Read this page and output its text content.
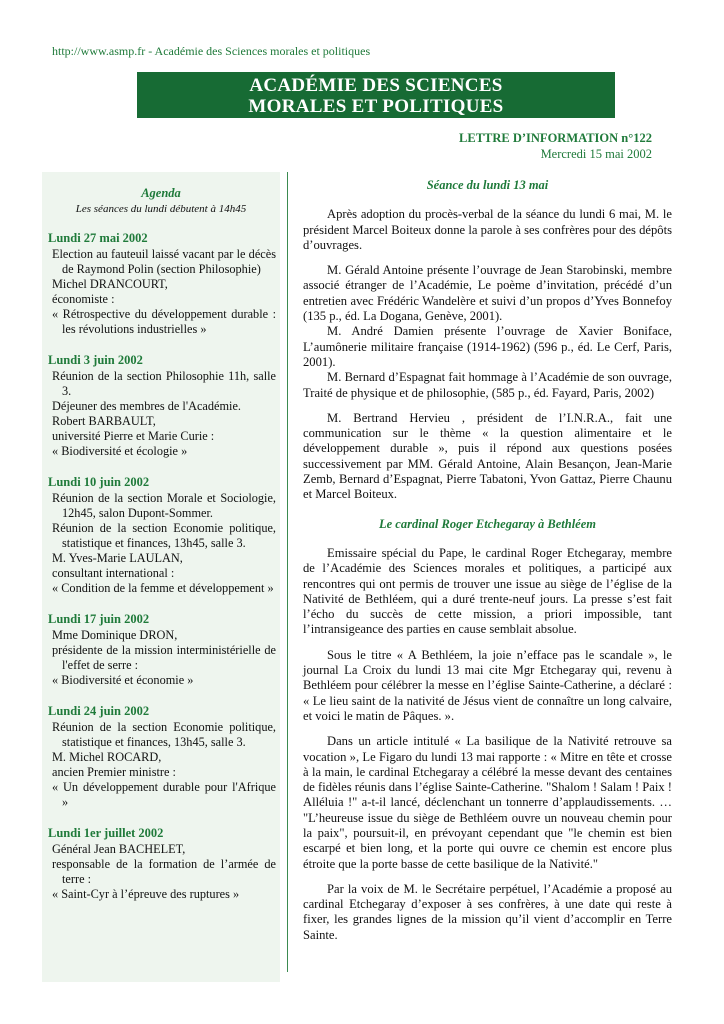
http://www.asmp.fr - Académie des Sciences morales et politiques
ACADÉMIE DES SCIENCES
MORALES ET POLITIQUES
LETTRE D’INFORMATION n°122
Mercredi 15 mai 2002
Agenda
Les séances du lundi débutent à 14h45
Lundi 27 mai 2002
Election au fauteuil laissé vacant par le décès de Raymond Polin (section Philosophie)
Michel DRANCOURT,
économiste :
« Rétrospective du développement durable : les révolutions industrielles »
Lundi 3 juin 2002
Réunion de la section Philosophie 11h, salle 3.
Déjeuner des membres de l'Académie.
Robert BARBAULT,
université Pierre et Marie Curie :
« Biodiversité et écologie »
Lundi 10 juin 2002
Réunion de la section Morale et Sociologie, 12h45, salon Dupont-Sommer.
Réunion de la section Economie politique, statistique et finances, 13h45, salle 3.
M. Yves-Marie LAULAN,
consultant international :
« Condition de la femme et développement »
Lundi 17 juin 2002
Mme Dominique DRON,
présidente de la mission interministérielle de l'effet de serre :
« Biodiversité et économie »
Lundi 24 juin 2002
Réunion de la section Economie politique, statistique et finances, 13h45, salle 3.
M. Michel ROCARD,
ancien Premier ministre :
« Un développement durable pour l'Afrique »
Lundi 1er juillet 2002
Général Jean BACHELET,
responsable de la formation de l’armée de terre :
« Saint-Cyr à l’épreuve des ruptures »
Séance du lundi 13 mai

Après adoption du procès-verbal de la séance du lundi 6 mai, M. le président Marcel Boiteux donne la parole à ses confrères pour des dépôts d’ouvrages.

M. Gérald Antoine présente l’ouvrage de Jean Starobinski, membre associé étranger de l’Académie, Le poème d’invitation, précédé d’un entretien avec Frédéric Wandelère et suivi d’un propos d’Yves Bonnefoy (135 p., éd. La Dogana, Genève, 2001).

M. André Damien présente l’ouvrage de Xavier Boniface, L’aumônerie militaire française (1914-1962) (596 p., éd. Le Cerf, Paris, 2001).

M. Bernard d’Espagnat fait hommage à l’Académie de son ouvrage, Traité de physique et de philosophie, (585 p., éd. Fayard, Paris, 2002)

M. Bertrand Hervieu , président de l’I.N.R.A., fait une communication sur le thème « la question alimentaire et le développement durable », puis il répond aux questions posées successivement par MM. Gérald Antoine, Alain Besançon, Jean-Marie Zemb, Bernard d’Espagnat, Pierre Tabatoni, Yvon Gattaz, Pierre Chaunu et Marcel Boiteux.

Le cardinal Roger Etchegaray à Bethléem

Emissaire spécial du Pape, le cardinal Roger Etchegaray, membre de l’Académie des Sciences morales et politiques, a participé aux rencontres qui ont permis de trouver une issue au siège de l’église de la Nativité de Bethléem, qui a duré trente-neuf jours. La presse s’est fait l’écho du succès de cette mission, a priori impossible, tant l’intransigeance des parties en cause semblait absolue.

Sous le titre « A Bethléem, la joie n’efface pas le scandale », le journal La Croix du lundi 13 mai cite Mgr Etchegaray qui, revenu à Bethléem pour célébrer la messe en l’église Sainte-Catherine, a déclaré : « Le lieu saint de la nativité de Jésus vient de connaître un long calvaire, et voici le matin de Pâques. ».

Dans un article intitulé « La basilique de la Nativité retrouve sa vocation », Le Figaro du lundi 13 mai rapporte : « Mitre en tête et crosse à la main, le cardinal Etchegaray a célébré la messe devant des centaines de fidèles réunis dans l’église Sainte-Catherine. "Shalom ! Salam ! Paix ! Alléluia !" a-t-il lancé, déclenchant un tonnerre d’applaudissements. … "L’heureuse issue du siège de Bethléem ouvre un nouveau chemin pour la paix", poursuit-il, en prévoyant cependant que "le chemin est bien escarpé et bien long, et la porte qui ouvre ce chemin est encore plus étroite que la porte basse de cette basilique de la Nativité."

Par la voix de M. le Secrétaire perpétuel, l’Académie a proposé au cardinal Etchegaray d’exposer à ses confrères, à une date qui reste à fixer, les grandes lignes de la mission qu’il vient d’accomplir en Terre Sainte.
